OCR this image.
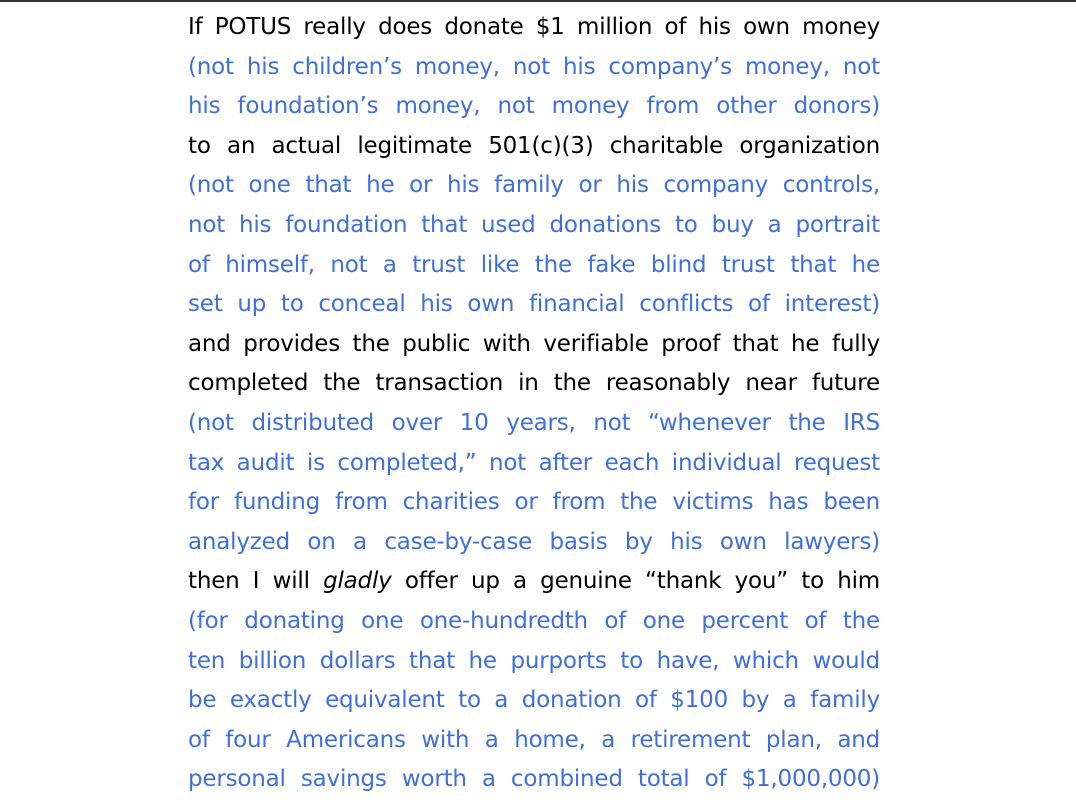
If POTUS really does donate $1 million of his own money
(not his children’s money, not his company’s money, not
his foundation’s money, not money from other donors)
to an actual legitimate 501(c)(3) charitable organization
(not one that he or his family or his company controls,
not his foundation that used donations to buy a portrait
of himself, not a trust like the fake blind trust that he
set up to conceal his own financial conflicts of interest)
and provides the public with verifiable proof that he fully
completed the transaction in the reasonably near future
(not distributed over 10 years, not “whenever the IRS
tax audit is completed,” not after each individual request
for funding from charities or from the victims has been
analyzed on a case-by-case basis by his own lawyers)
then I will gladly offer up a genuine “thank you” to him
(for donating one one-hundredth of one percent of the
ten billion dollars that he purports to have, which would
be exactly equivalent to a donation of $100 by a family
of four Americans with a home, a retirement plan, and
personal savings worth a combined total of $1,000,000)
